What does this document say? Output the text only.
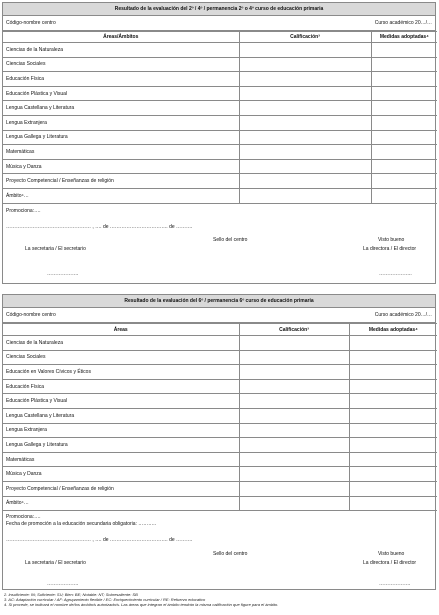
Resultado de la evaluación del 2º / 4º / permanencia 2º o 4º curso de educación primaria
Código-nombre centro	Curso académico 20…/…
Áreas/Ámbitos	Calificación³	Medidas adoptadas⁴
Ciencias de la Naturaleza		
Ciencias Sociales		
Educación Física		
Educación Plástica y Visual		
Lengua Castellana y Literatura		
Lengua Extranjera		
Lengua Gallega y Literatura		
Matemáticas		
Música y Danza		
Proyecto Competencial / Enseñanzas de religión		
Ámbito⁴…		
Promociona:….
…………………………………………… , …. de …………………………….. de ……….
Sello del centro	Visto bueno
La secretaria / El secretario	La directora / El director
……………….	………………..
Resultado de la evaluación del 6º / permanencia 6º curso de educación primaria
Código-nombre centro	Curso académico 20…/…
Áreas	Calificación³	Medidas adoptadas⁴
Ciencias de la Naturaleza		
Ciencias Sociales		
Educación en Valores Cívicos y Éticos		
Educación Física		
Educación Plástica y Visual		
Lengua Castellana y Literatura		
Lengua Extranjera		
Lengua Gallega y Literatura		
Matemáticas		
Música y Danza		
Proyecto Competencial / Enseñanzas de religión		
Ámbito⁴…		
Promociona:….
Fecha de promoción a la educación secundaria obligatoria: ………..
…………………………………………… , …. de …………………………….. de ……….
Sello del centro	Visto bueno
La secretaria / El secretario	La directora / El director
……………….	……………….
2. Insuficiente: IN; Suficiente: SU; Bien: BE; Notable: NT; Sobresaliente: SB
3. AC: Adaptación curricular / AF: Agrupamiento flexible / EC: Enriquecimiento curricular / RE: Refuerzo educativo
4. Si procede, se indicará el nombre de/los ámbito/s autorizado/s. Las áreas que integran el ámbito tendrán la misma calificación que figure para el ámbito.
